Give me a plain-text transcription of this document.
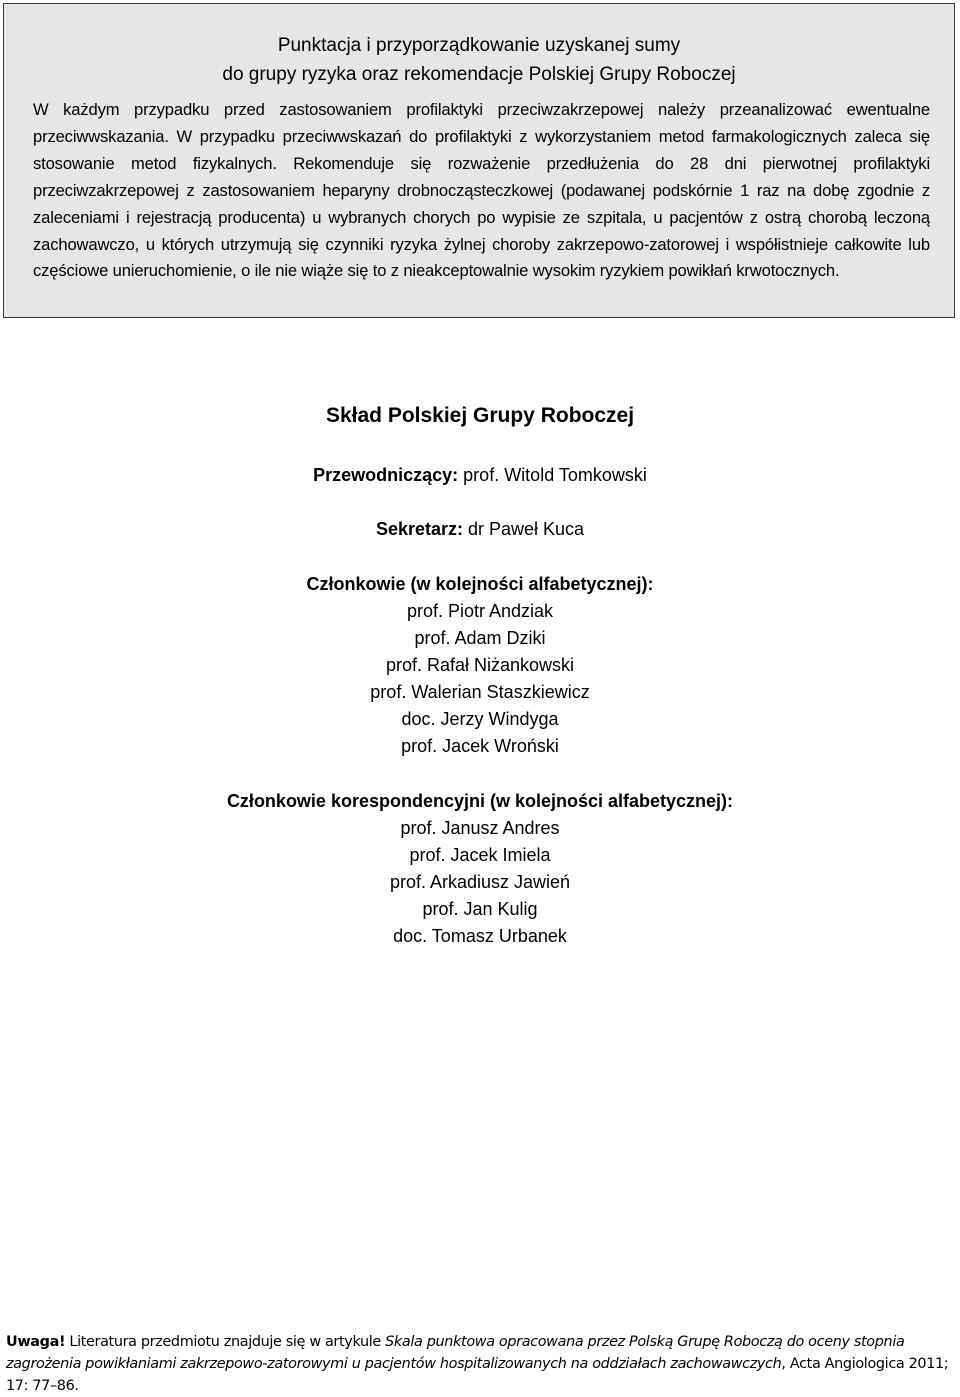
Punktacja i przyporządkowanie uzyskanej sumy
do grupy ryzyka oraz rekomendacje Polskiej Grupy Roboczej

W każdym przypadku przed zastosowaniem profilaktyki przeciwzakrzepowej należy przeanalizować ewentualne przeciwwskazania. W przypadku przeciwwskazań do profilaktyki z wykorzystaniem metod farmakologicznych zaleca się stosowanie metod fizykalnych. Rekomenduje się rozważenie przedłużenia do 28 dni pierwotnej profilaktyki przeciwzakrzepowej z zastosowaniem heparyny drobnocząsteczkowej (podawanej podskórnie 1 raz na dobę zgodnie z zaleceniami i rejestracją producenta) u wybranych chorych po wypisie ze szpitala, u pacjentów z ostrą chorobą leczoną zachowawczo, u których utrzymują się czynniki ryzyka żylnej choroby zakrzepowo-zatorowej i współistnieje całkowite lub częściowe unieruchomienie, o ile nie wiąże się to z nieakceptowalnie wysokim ryzykiem powikłań krwotocznych.

Skład Polskiej Grupy Roboczej
Przewodniczący: prof. Witold Tomkowski
Sekretarz: dr Paweł Kuca
Członkowie (w kolejności alfabetycznej):
prof. Piotr Andziak
prof. Adam Dziki
prof. Rafał Niżankowski
prof. Walerian Staszkiewicz
doc. Jerzy Windyga
prof. Jacek Wroński
Członkowie korespondencyjni (w kolejności alfabetycznej):
prof. Janusz Andres
prof. Jacek Imiela
prof. Arkadiusz Jawień
prof. Jan Kulig
doc. Tomasz Urbanek

Uwaga! Literatura przedmiotu znajduje się w artykule Skala punktowa opracowana przez Polską Grupę Roboczą do oceny stopnia zagrożenia powikłaniami zakrzepowo-zatorowymi u pacjentów hospitalizowanych na oddziałach zachowawczych, Acta Angiologica 2011; 17: 77–86.
